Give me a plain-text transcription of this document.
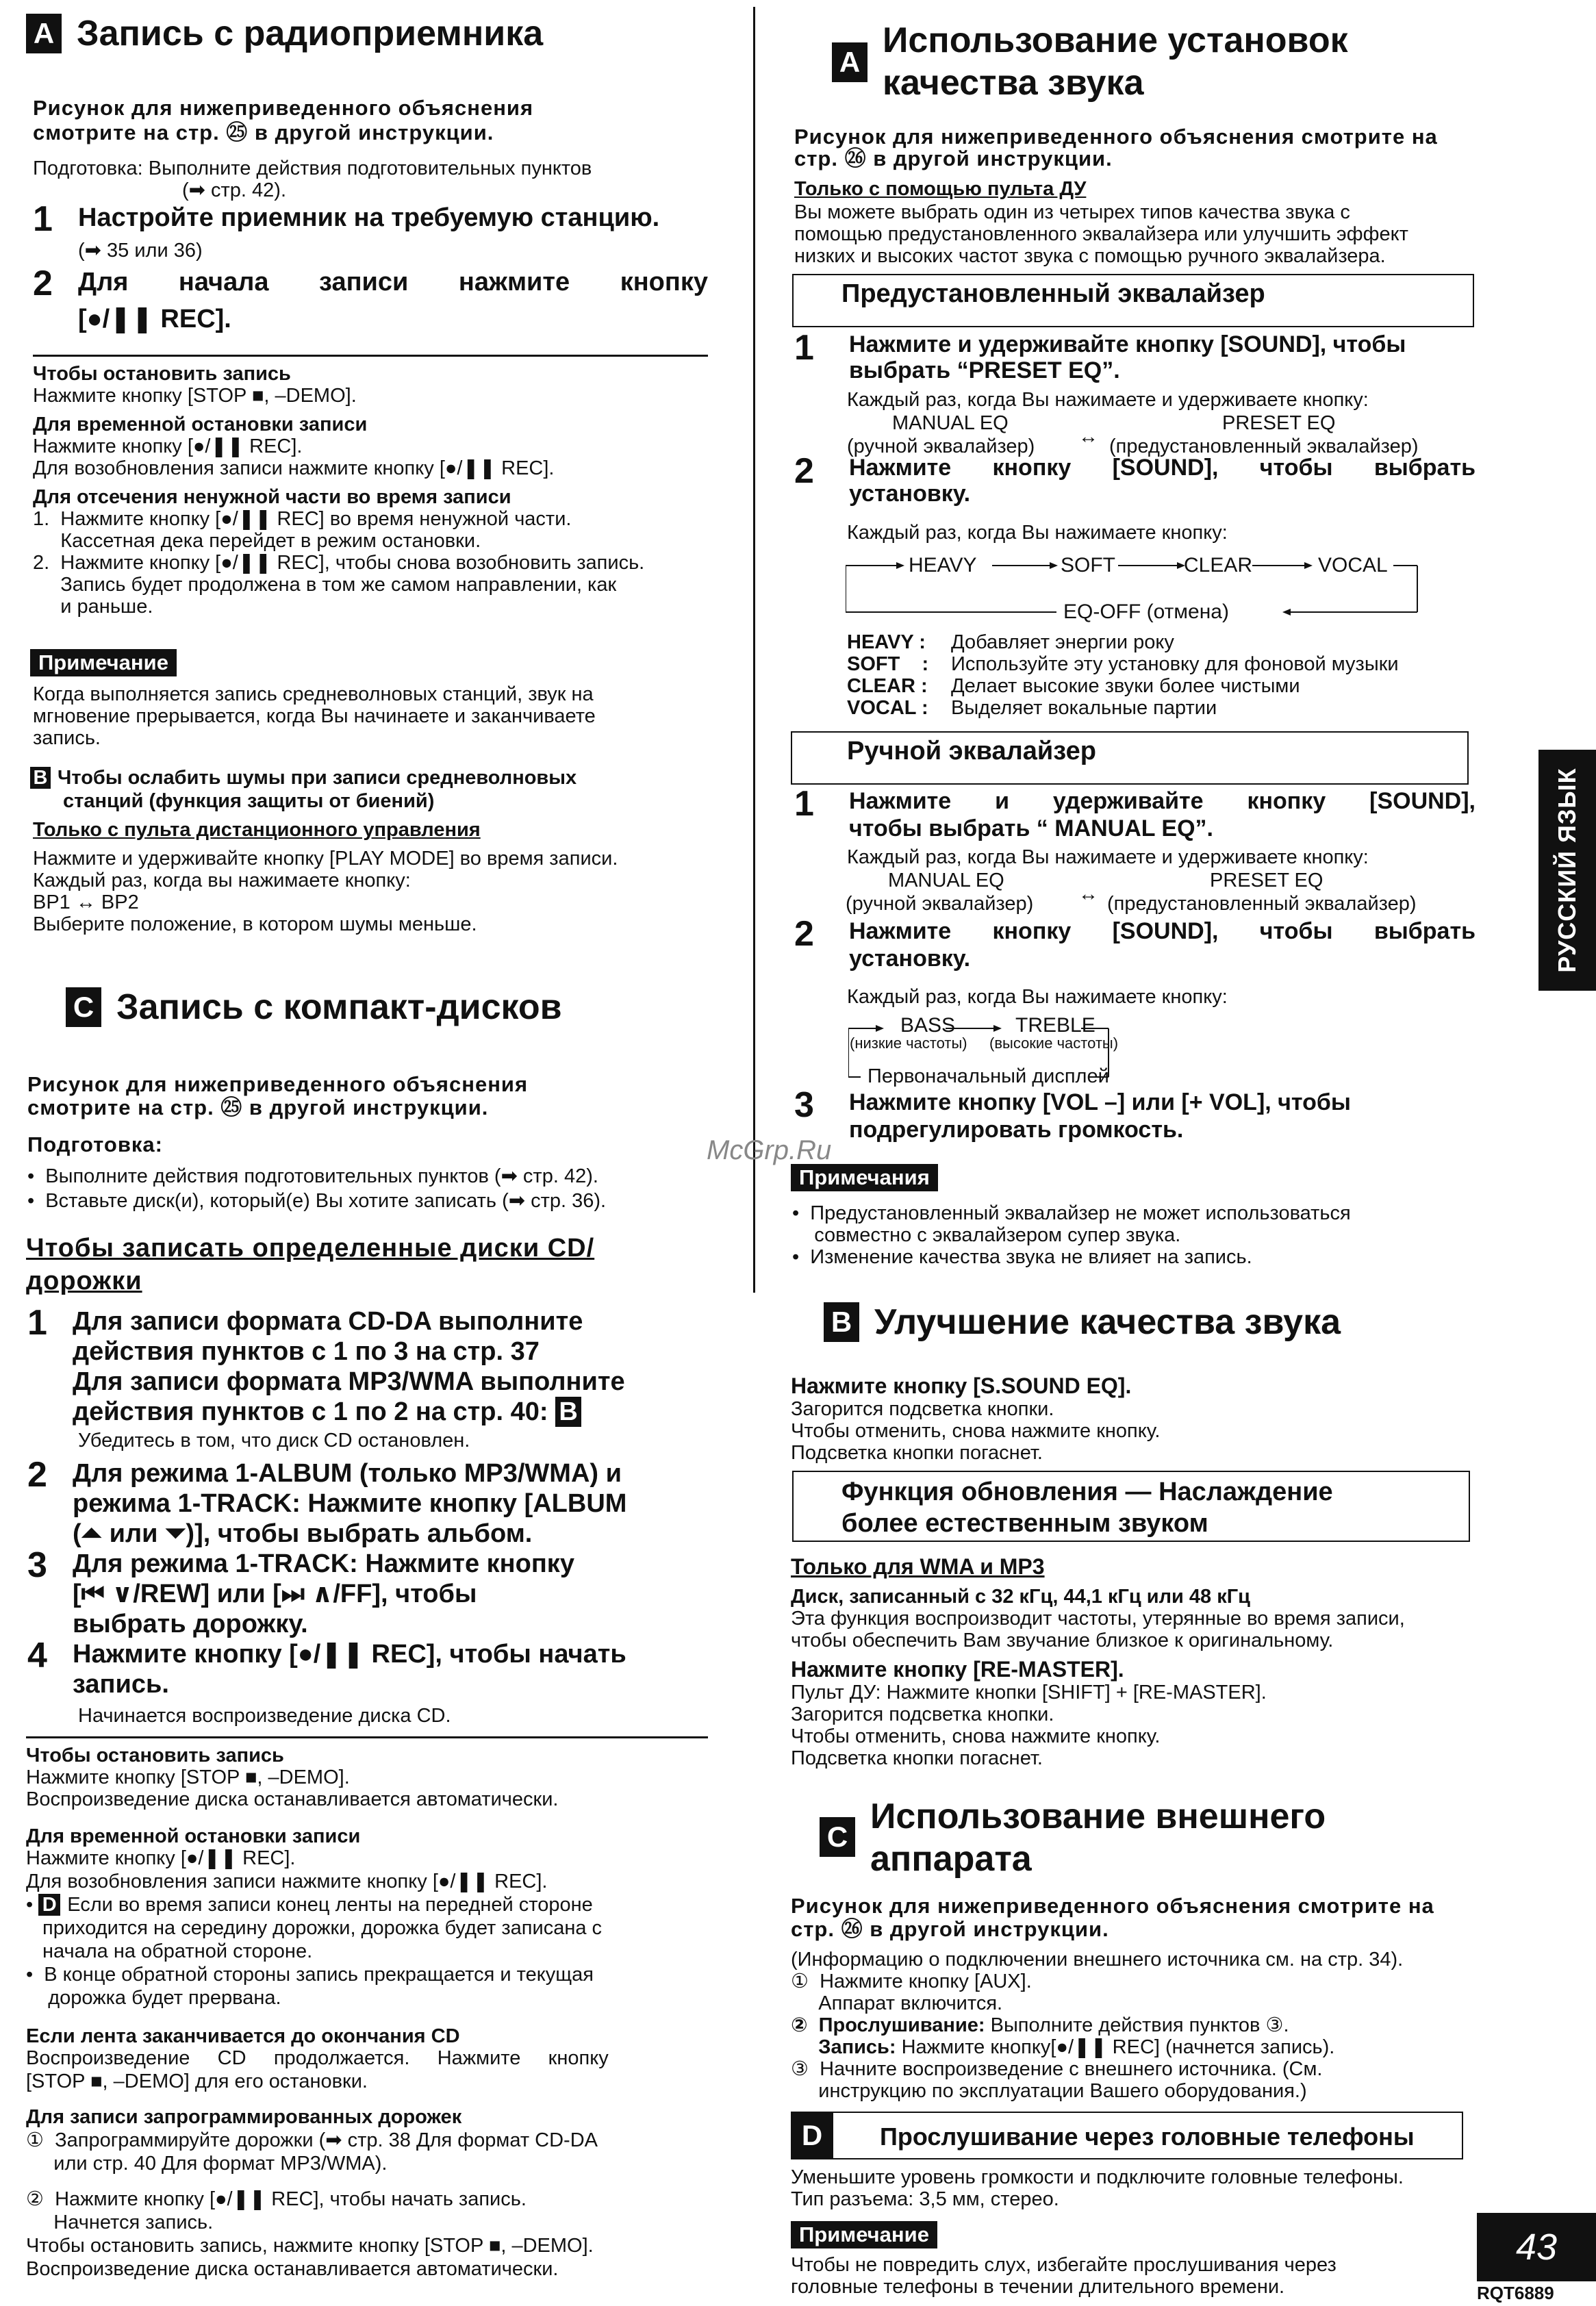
A Запись с радиоприемника
Рисунок для нижеприведенного объяснения
смотрите на стр. ㉕ в другой инструкции.
Подготовка: Выполните действия подготовительных пунктов
(➡ стр. 42).
1 Настройте приемник на требуемую станцию.
(➡ 35 или 36)
2 Для начала записи нажмите кнопку
[●/❚❚ REC].
Чтобы остановить запись
Нажмите кнопку [STOP ■, –DEMO].
Для временной остановки записи
Нажмите кнопку [●/❚❚ REC].
Для возобновления записи нажмите кнопку [●/❚❚ REC].
Для отсечения ненужной части во время записи
1.  Нажмите кнопку [●/❚❚ REC] во время ненужной части.
Кассетная дека перейдет в режим остановки.
2.  Нажмите кнопку [●/❚❚ REC], чтобы снова возобновить запись.
Запись будет продолжена в том же самом направлении, как
и раньше.
Примечание
Когда выполняется запись средневолновых станций, звук на
мгновение прерывается, когда Вы начинаете и заканчиваете
запись.
B Чтобы ослабить шумы при записи средневолновых
станций (функция защиты от биений)
Только с пульта дистанционного управления
Нажмите и удерживайте кнопку [PLAY MODE] во время записи.
Каждый раз, когда вы нажимаете кнопку:
BP1 ↔ BP2
Выберите положение, в котором шумы меньше.
C Запись с компакт-дисков
Рисунок для нижеприведенного объяснения
смотрите на стр. ㉕ в другой инструкции.
Подготовка:
•  Выполните действия подготовительных пунктов (➡ стр. 42).
•  Вставьте диск(и), который(е) Вы хотите записать (➡ стр. 36).
Чтобы записать определенные диски CD/
дорожки
1 Для записи формата CD-DA выполните
действия пунктов с 1 по 3 на стр. 37
Для записи формата MP3/WMA выполните
действия пунктов с 1 по 2 на стр. 40: B
Убедитесь в том, что диск CD остановлен.
2 Для режима 1-ALBUM (только MP3/WMA) и
режима 1-TRACK: Нажмите кнопку [ALBUM
(⏶ или ⏷)], чтобы выбрать альбом.
3 Для режима 1-TRACK: Нажмите кнопку
[⏮ ∨/REW] или [⏭ ∧/FF], чтобы
выбрать дорожку.
4 Нажмите кнопку [●/❚❚ REC], чтобы начать
запись.
Начинается воспроизведение диска CD.
Чтобы остановить запись
Нажмите кнопку [STOP ■, –DEMO].
Воспроизведение диска останавливается автоматически.
Для временной остановки записи
Нажмите кнопку [●/❚❚ REC].
Для возобновления записи нажмите кнопку [●/❚❚ REC].
• D Если во время записи конец ленты на передней стороне
приходится на середину дорожки, дорожка будет записана с
начала на обратной стороне.
•  В конце обратной стороны запись прекращается и текущая
дорожка будет прервана.
Если лента заканчивается до окончания CD
Воспроизведение     CD     продолжается.     Нажмите     кнопку
[STOP ■, –DEMO] для его остановки.
Для записи запрограммированных дорожек
①  Запрограммируйте дорожки (➡ стр. 38 Для формат CD-DA
или стр. 40 Для формат MP3/WMA).
②  Нажмите кнопку [●/❚❚ REC], чтобы начать запись.
Начнется запись.
Чтобы остановить запись, нажмите кнопку [STOP ■, –DEMO].
Воспроизведение диска останавливается автоматически.
A
Использование установок
качества звука
Рисунок для нижеприведенного объяснения смотрите на
стр. ㉖ в другой инструкции.
Только с помощью пульта ДУ
Вы можете выбрать один из четырех типов качества звука с
помощью предустановленного эквалайзера или улучшить эффект
низких и высоких частот звука с помощью ручного эквалайзера.
Предустановленный эквалайзер
1	Нажмите и удерживайте кнопку [SOUND], чтобы
выбрать “PRESET EQ”.
Каждый раз, когда Вы нажимаете и удерживаете кнопку:
MANUAL EQ	PRESET EQ
(ручной эквалайзер) ↔ (предустановленный эквалайзер)
2	Нажмите кнопку [SOUND], чтобы выбрать
установку.
Каждый раз, когда Вы нажимаете кнопку:
HEAVY	SOFT	CLEAR	VOCAL
EQ-OFF (отмена)
HEAVY : Добавляет энергии року
SOFT    : Используйте эту установку для фоновой музыки
CLEAR : Делает высокие звуки более чистыми
VOCAL : Выделяет вокальные партии
Ручной эквалайзер
1	Нажмите и удерживайте кнопку [SOUND],
чтобы выбрать “ MANUAL EQ”.
Каждый раз, когда Вы нажимаете и удерживаете кнопку:
MANUAL EQ	PRESET EQ
(ручной эквалайзер) ↔ (предустановленный эквалайзер)
2	Нажмите кнопку [SOUND], чтобы выбрать
установку.
Каждый раз, когда Вы нажимаете кнопку:
BASS
(низкие частоты)
TREBLE
(высокие частоты)
Первоначальный дисплей
3	Нажмите кнопку [VOL –] или [+ VOL], чтобы
подрегулировать громкость.
Примечания
•  Предустановленный эквалайзер не может использоваться
совместно с эквалайзером супер звука.
•  Изменение качества звука не влияет на запись.
B Улучшение качества звука
Нажмите кнопку [S.SOUND EQ].
Загорится подсветка кнопки.
Чтобы отменить, снова нажмите кнопку.
Подсветка кнопки погаснет.
Функция обновления — Наслаждение
более естественным звуком
Только для WMA и MP3
Диск, записанный с 32 кГц, 44,1 кГц или 48 кГц
Эта функция воспроизводит частоты, утерянные во время записи,
чтобы обеспечить Вам звучание близкое к оригинальному.
Нажмите кнопку [RE-MASTER].
Пульт ДУ: Нажмите кнопки [SHIFT] + [RE-MASTER].
Загорится подсветка кнопки.
Чтобы отменить, снова нажмите кнопку.
Подсветка кнопки погаснет.
C
Использование внешнего
аппарата
Рисунок для нижеприведенного объяснения смотрите на
стр. ㉖ в другой инструкции.
(Информацию о подключении внешнего источника см. на стр. 34).
①  Нажмите кнопку [AUX].
Аппарат включится.
②  Прослушивание: Выполните действия пунктов ③.
Запись: Нажмите кнопку[●/❚❚ REC] (начнется запись).
③  Начните воспроизведение с внешнего источника. (См.
инструкцию по эксплуатации Вашего оборудования.)
D	Прослушивание через головные телефоны
Уменьшите уровень громкости и подключите головные телефоны.
Тип разъема: 3,5 мм, стерео.
Примечание
Чтобы не повредить слух, избегайте прослушивания через
головные телефоны в течении длительного времени.
McGrp.Ru
РУССКИЙ ЯЗЫК
43
RQT6889
